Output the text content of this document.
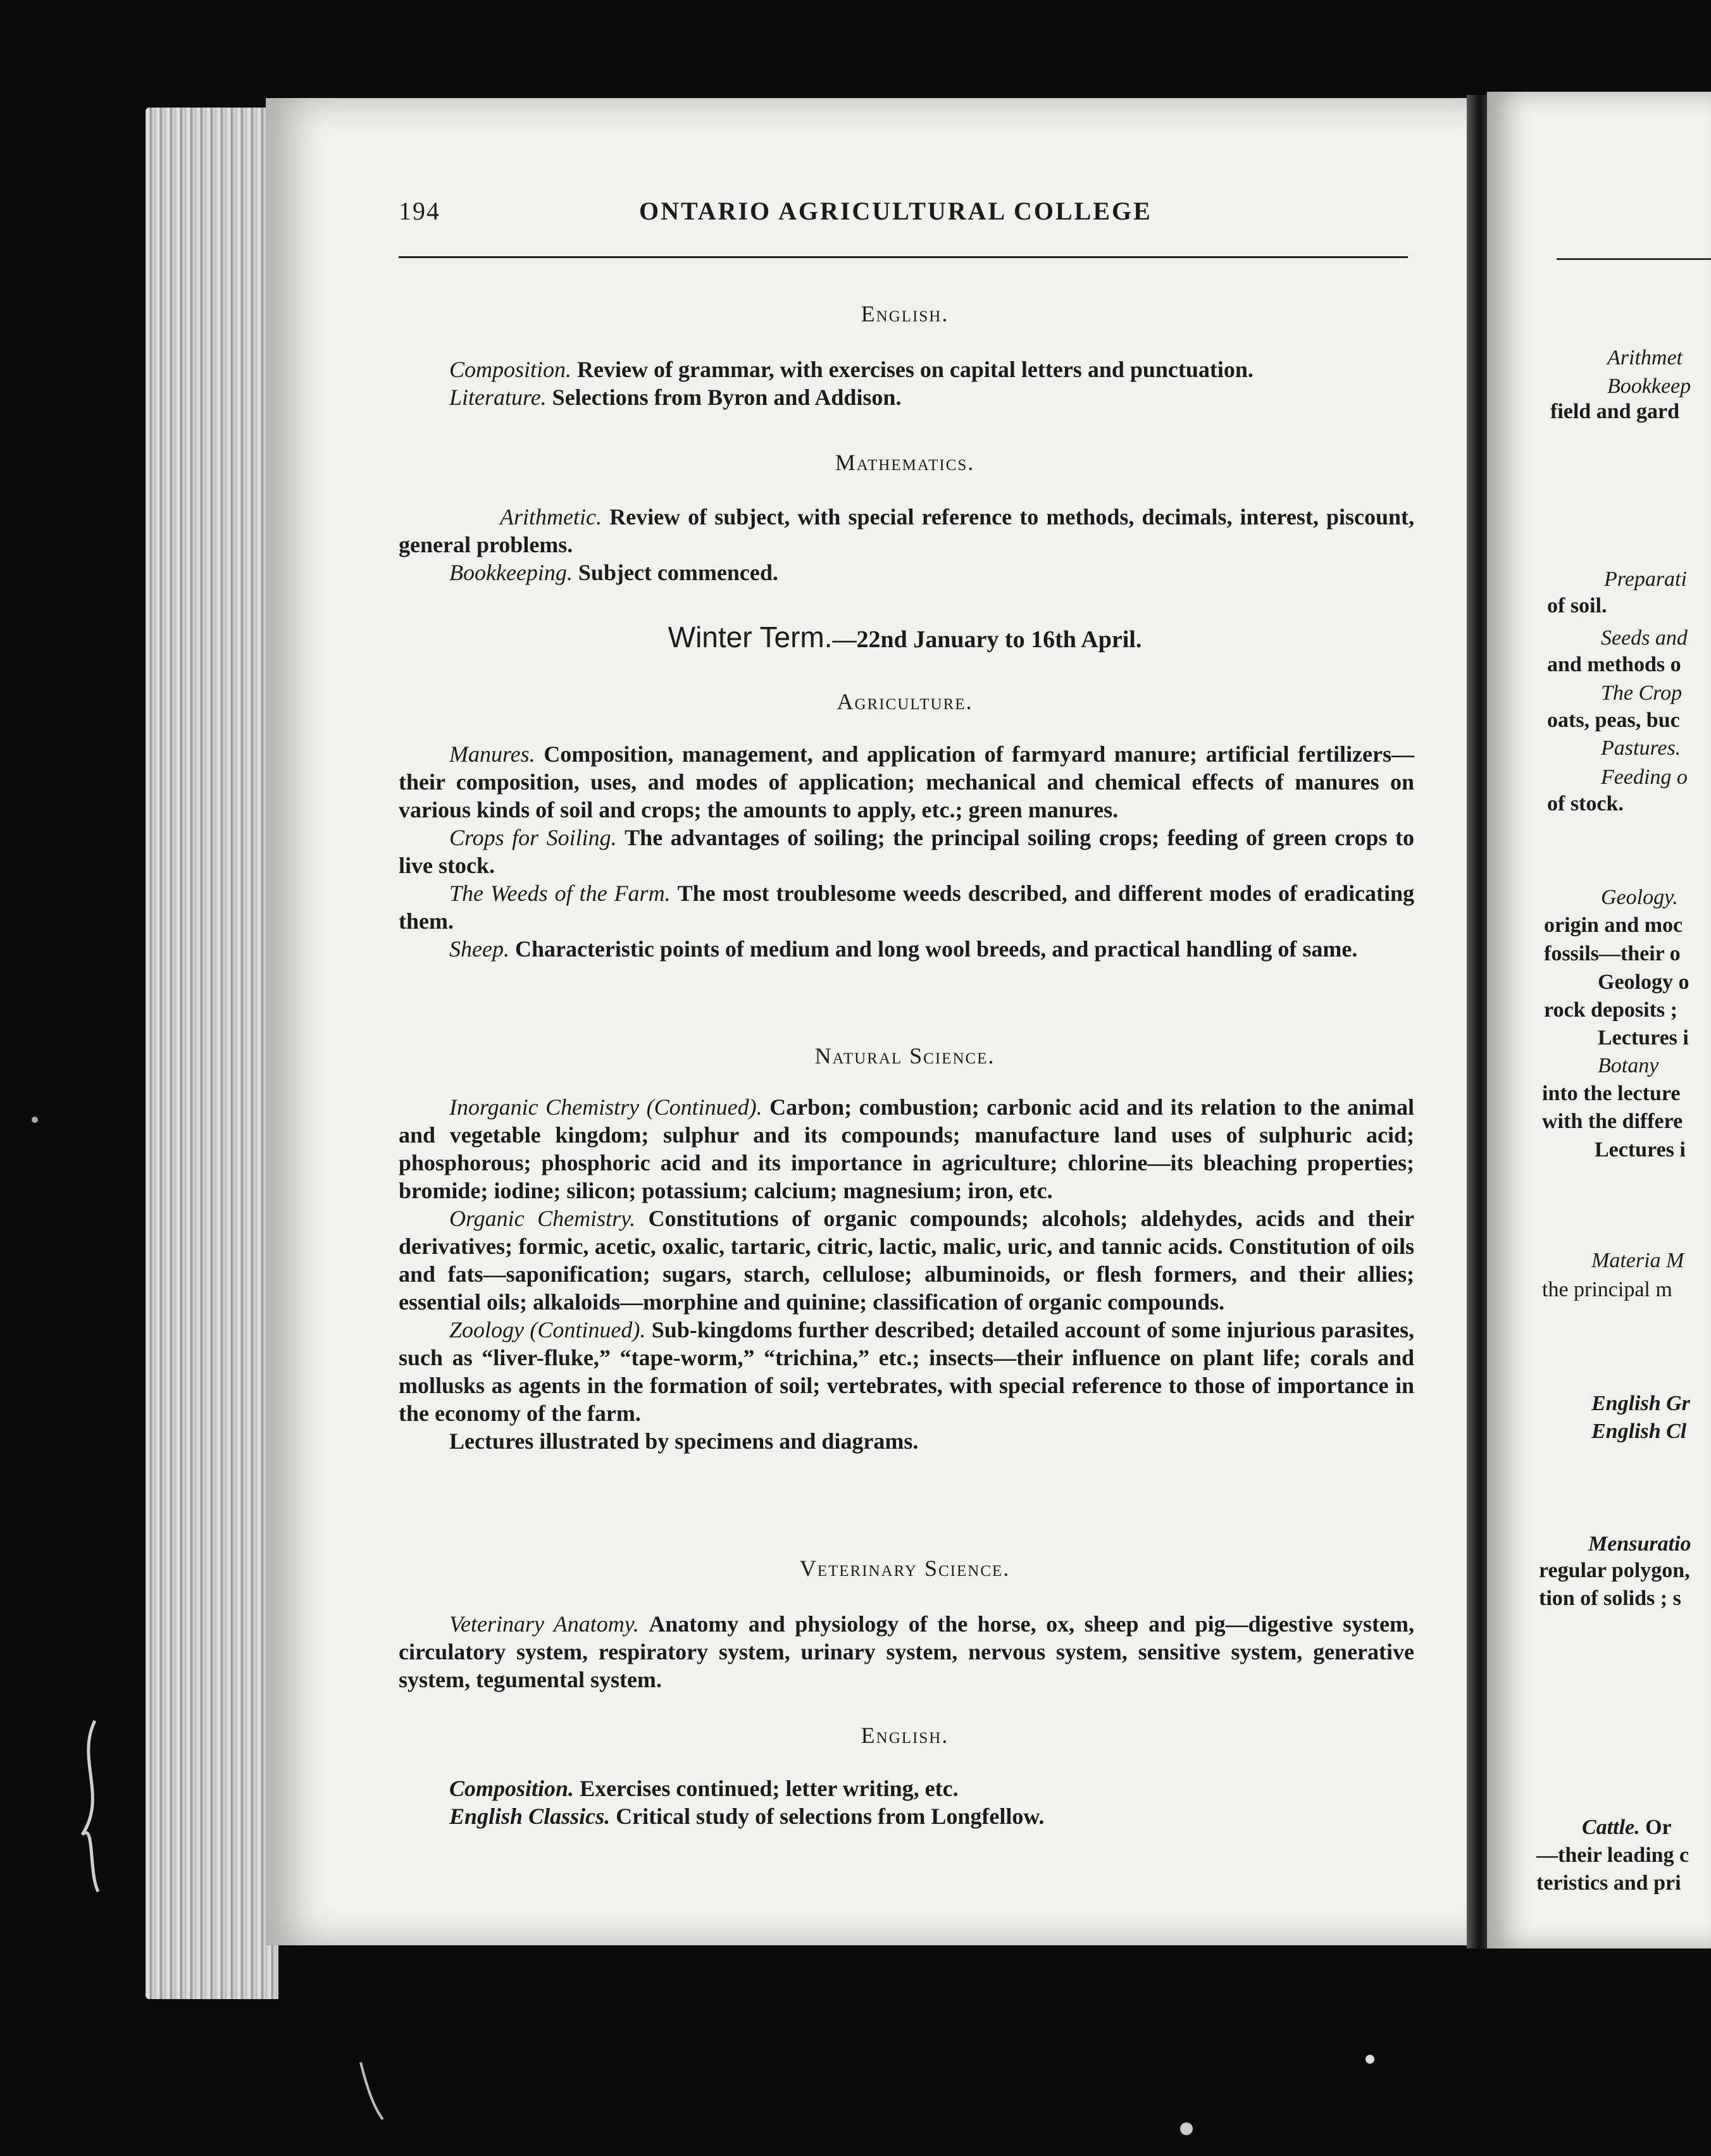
194	ONTARIO AGRICULTURAL COLLEGE
English.
Composition. Review of grammar, with exercises on capital letters and punctuation.
Literature. Selections from Byron and Addison.
Mathematics.
Arithmetic. Review of subject, with special reference to methods, decimals, interest, piscount, general problems.
Bookkeeping. Subject commenced.
Winter Term.—22nd January to 16th April.
Agriculture.
Manures. Composition, management, and application of farmyard manure; artificial fertilizers—their composition, uses, and modes of application; mechanical and chemical effects of manures on various kinds of soil and crops; the amounts to apply, etc.; green manures.
Crops for Soiling. The advantages of soiling; the principal soiling crops; feeding of green crops to live stock.
The Weeds of the Farm. The most troublesome weeds described, and different modes of eradicating them.
Sheep. Characteristic points of medium and long wool breeds, and practical handling of same.
Natural Science.
Inorganic Chemistry (Continued). Carbon; combustion; carbonic acid and its relation to the animal and vegetable kingdom; sulphur and its compounds; manufacture land uses of sulphuric acid; phosphorous; phosphoric acid and its importance in agriculture; chlorine—its bleaching properties; bromide; iodine; silicon; potassium; calcium; magnesium; iron, etc.
Organic Chemistry. Constitutions of organic compounds; alcohols; aldehydes, acids and their derivatives; formic, acetic, oxalic, tartaric, citric, lactic, malic, uric, and tannic acids. Constitution of oils and fats—saponification; sugars, starch, cellulose; albuminoids, or flesh formers, and their allies; essential oils; alkaloids—morphine and quinine; classification of organic compounds.
Zoology (Continued). Sub-kingdoms further described; detailed account of some injurious parasites, such as “liver-fluke,” “tape-worm,” “trichina,” etc.; insects—their influence on plant life; corals and mollusks as agents in the formation of soil; vertebrates, with special reference to those of importance in the economy of the farm.
Lectures illustrated by specimens and diagrams.
Veterinary Science.
Veterinary Anatomy. Anatomy and physiology of the horse, ox, sheep and pig—digestive system, circulatory system, respiratory system, urinary system, nervous system, sensitive system, generative system, tegumental system.
English.
Composition. Exercises continued; letter writing, etc.
English Classics. Critical study of selections from Longfellow.
Arithmet
Bookkeep
field and gard
Preparati
of soil.
Seeds and
and methods o
The Crop
oats, peas, buc
Pastures.
Feeding o
of stock.
Geology.
origin and moc
fossils—their o
Geology o
rock deposits ;
Lectures i
Botany
into the lecture
with the differe
Lectures i
Materia M
the principal m
English Gr
English Cl
Mensuratio
regular polygon,
tion of solids ; s
Cattle. Or
—their leading c
teristics and pri
